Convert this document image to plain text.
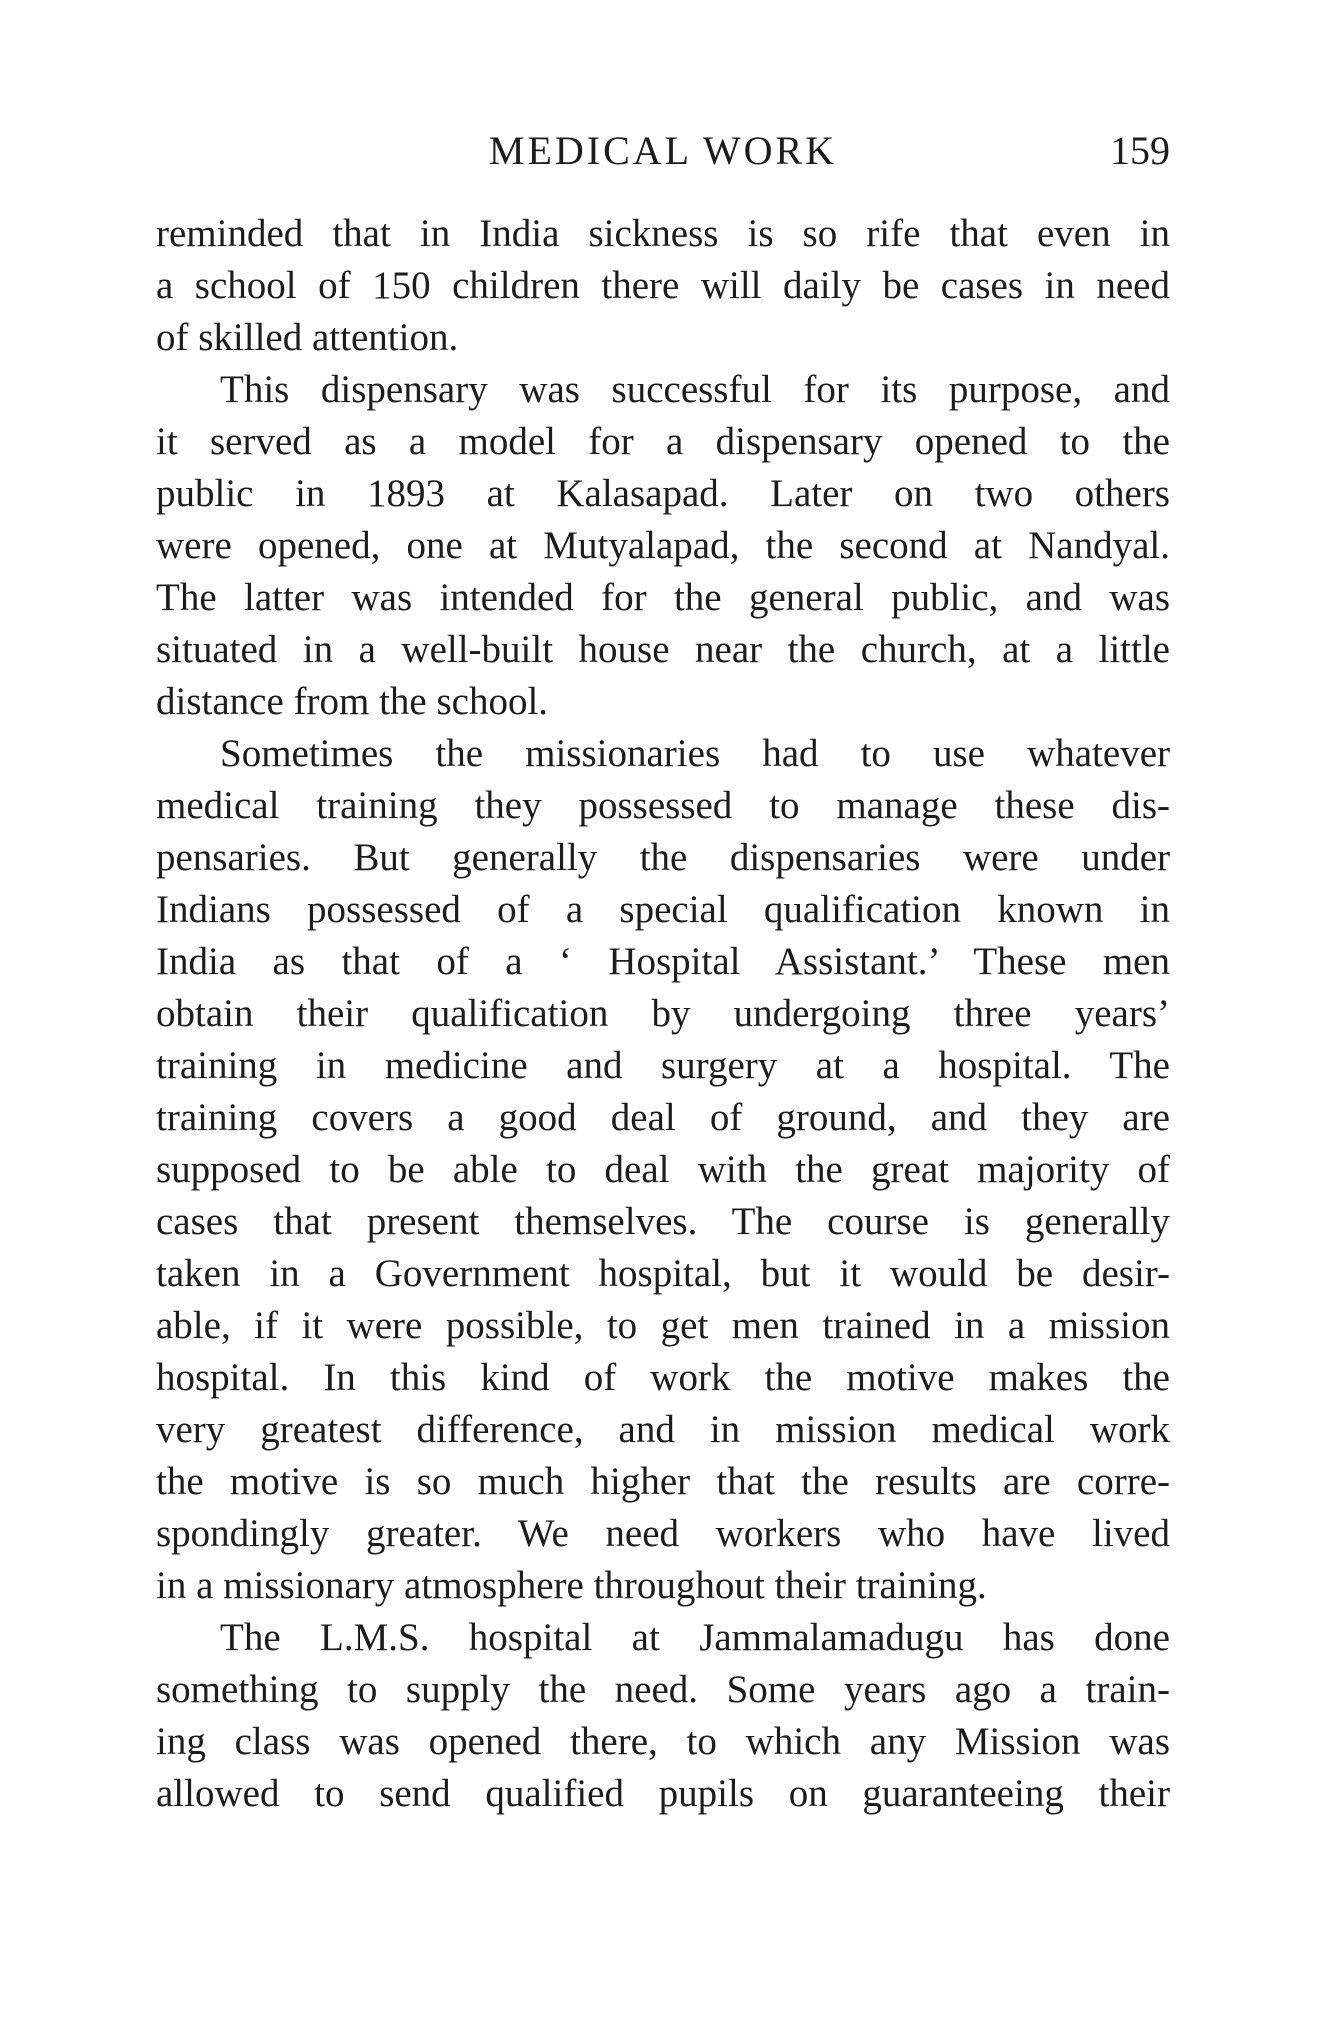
MEDICAL WORK	159
reminded that in India sickness is so rife that even in
a school of 150 children there will daily be cases in need
of skilled attention.
This dispensary was successful for its purpose, and
it served as a model for a dispensary opened to the
public in 1893 at Kalasapad. Later on two others
were opened, one at Mutyalapad, the second at Nandyal.
The latter was intended for the general public, and was
situated in a well-built house near the church, at a little
distance from the school.
Sometimes the missionaries had to use whatever
medical training they possessed to manage these dis-
pensaries. But generally the dispensaries were under
Indians possessed of a special qualification known in
India as that of a ‘ Hospital Assistant.’ These men
obtain their qualification by undergoing three years’
training in medicine and surgery at a hospital. The
training covers a good deal of ground, and they are
supposed to be able to deal with the great majority of
cases that present themselves. The course is generally
taken in a Government hospital, but it would be desir-
able, if it were possible, to get men trained in a mission
hospital. In this kind of work the motive makes the
very greatest difference, and in mission medical work
the motive is so much higher that the results are corre-
spondingly greater. We need workers who have lived
in a missionary atmosphere throughout their training.
The L.M.S. hospital at Jammalamadugu has done
something to supply the need. Some years ago a train-
ing class was opened there, to which any Mission was
allowed to send qualified pupils on guaranteeing their
